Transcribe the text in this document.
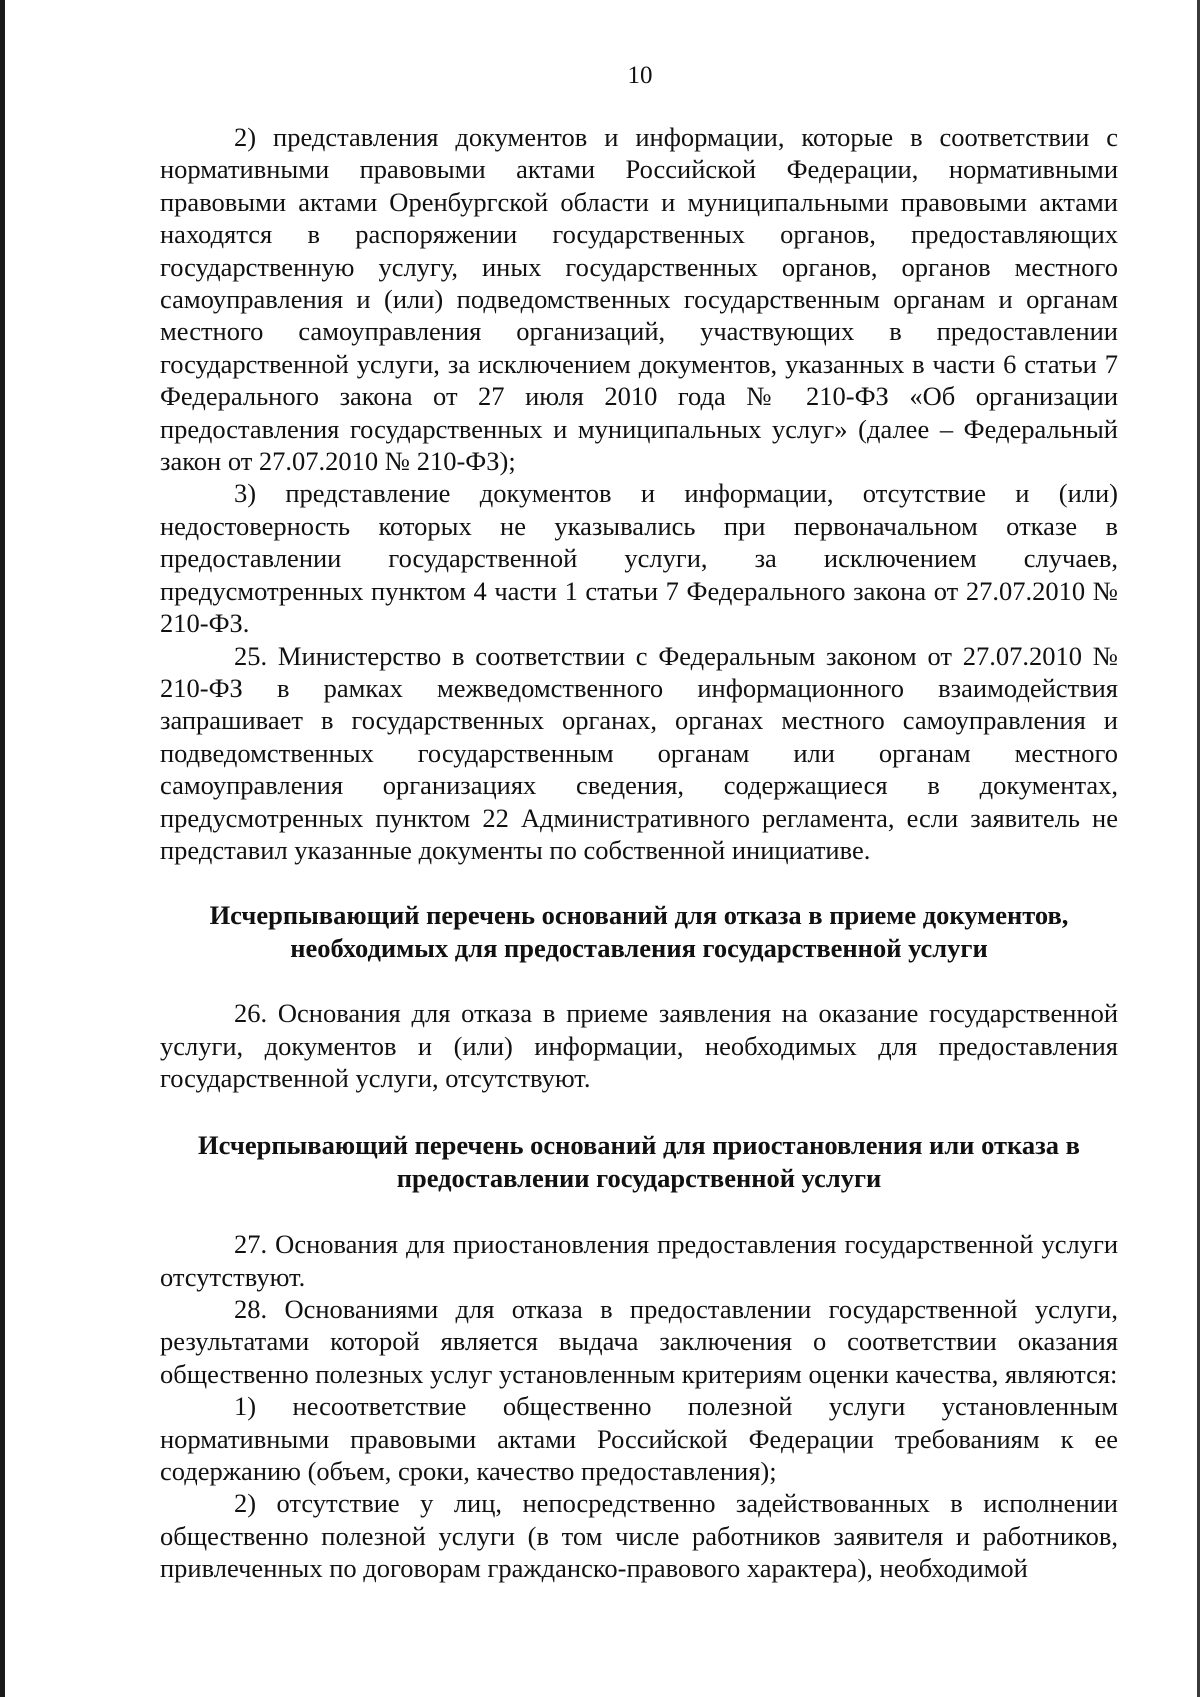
10

2) представления документов и информации, которые в соответствии с нормативными правовыми актами Российской Федерации, нормативными правовыми актами Оренбургской области и муниципальными правовыми актами находятся в распоряжении государственных органов, предоставляющих государственную услугу, иных государственных органов, органов местного самоуправления и (или) подведомственных государственным органам и органам местного самоуправления организаций, участвующих в предоставлении государственной услуги, за исключением документов, указанных в части 6 статьи 7 Федерального закона от 27 июля 2010 года № 210-ФЗ «Об организации предоставления государственных и муниципальных услуг» (далее – Федеральный закон от 27.07.2010 № 210-ФЗ);

3) представление документов и информации, отсутствие и (или) недостоверность которых не указывались при первоначальном отказе в предоставлении государственной услуги, за исключением случаев, предусмотренных пунктом 4 части 1 статьи 7 Федерального закона от 27.07.2010 № 210-ФЗ.

25. Министерство в соответствии с Федеральным законом от 27.07.2010 № 210-ФЗ в рамках межведомственного информационного взаимодействия запрашивает в государственных органах, органах местного самоуправления и подведомственных государственным органам или органам местного самоуправления организациях сведения, содержащиеся в документах, предусмотренных пунктом 22 Административного регламента, если заявитель не представил указанные документы по собственной инициативе.

Исчерпывающий перечень оснований для отказа в приеме документов,

необходимых для предоставления государственной услуги

26. Основания для отказа в приеме заявления на оказание государственной услуги, документов и (или) информации, необходимых для предоставления государственной услуги, отсутствуют.

Исчерпывающий перечень оснований для приостановления или отказа в

предоставлении государственной услуги

27. Основания для приостановления предоставления государственной услуги отсутствуют.

28. Основаниями для отказа в предоставлении государственной услуги, результатами которой является выдача заключения о соответствии оказания общественно полезных услуг установленным критериям оценки качества, являются:

1) несоответствие общественно полезной услуги установленным нормативными правовыми актами Российской Федерации требованиям к ее содержанию (объем, сроки, качество предоставления);

2) отсутствие у лиц, непосредственно задействованных в исполнении общественно полезной услуги (в том числе работников заявителя и работников, привлеченных по договорам гражданско-правового характера), необходимой
